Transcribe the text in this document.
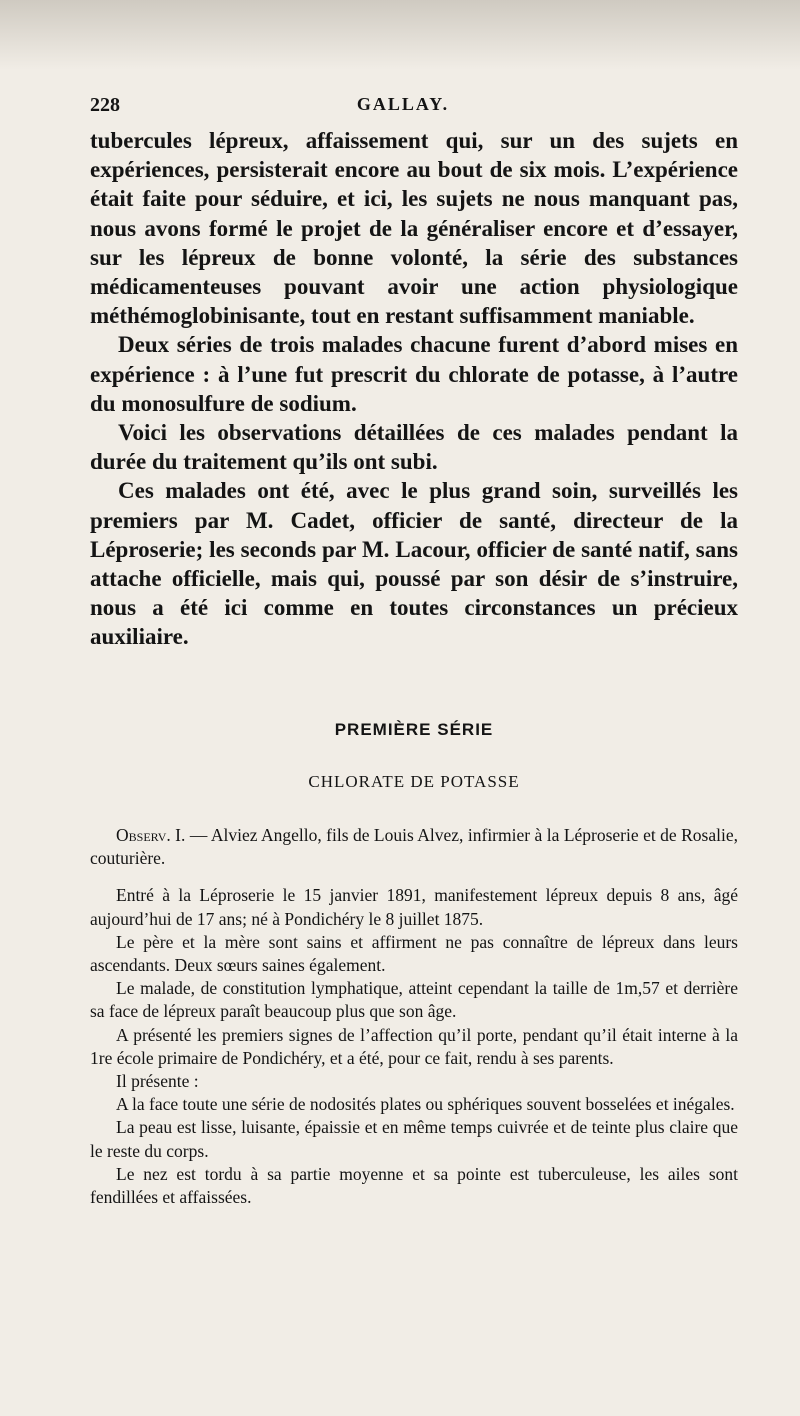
228	GALLAY.

tubercules lépreux, affaissement qui, sur un des sujets en expériences, persisterait encore au bout de six mois. L’expérience était faite pour séduire, et ici, les sujets ne nous manquant pas, nous avons formé le projet de la généraliser encore et d’essayer, sur les lépreux de bonne volonté, la série des substances médicamenteuses pouvant avoir une action physiologique méthémoglobinisante, tout en restant suffisamment maniable.

Deux séries de trois malades chacune furent d’abord mises en expérience : à l’une fut prescrit du chlorate de potasse, à l’autre du monosulfure de sodium.

Voici les observations détaillées de ces malades pendant la durée du traitement qu’ils ont subi.

Ces malades ont été, avec le plus grand soin, surveillés les premiers par M. Cadet, officier de santé, directeur de la Léproserie; les seconds par M. Lacour, officier de santé natif, sans attache officielle, mais qui, poussé par son désir de s’instruire, nous a été ici comme en toutes circonstances un précieux auxiliaire.

PREMIÈRE SÉRIE
CHLORATE DE POTASSE

Observ. I. — Alviez Angello, fils de Louis Alvez, infirmier à la Léproserie et de Rosalie, couturière.

Entré à la Léproserie le 15 janvier 1891, manifestement lépreux depuis 8 ans, âgé aujourd’hui de 17 ans; né à Pondichéry le 8 juillet 1875.

Le père et la mère sont sains et affirment ne pas connaître de lépreux dans leurs ascendants. Deux sœurs saines également.

Le malade, de constitution lymphatique, atteint cependant la taille de 1m,57 et derrière sa face de lépreux paraît beaucoup plus que son âge.

A présenté les premiers signes de l’affection qu’il porte, pendant qu’il était interne à la 1re école primaire de Pondichéry, et a été, pour ce fait, rendu à ses parents.

Il présente :

A la face toute une série de nodosités plates ou sphériques souvent bosselées et inégales.

La peau est lisse, luisante, épaissie et en même temps cuivrée et de teinte plus claire que le reste du corps.

Le nez est tordu à sa partie moyenne et sa pointe est tuberculeuse, les ailes sont fendillées et affaissées.
